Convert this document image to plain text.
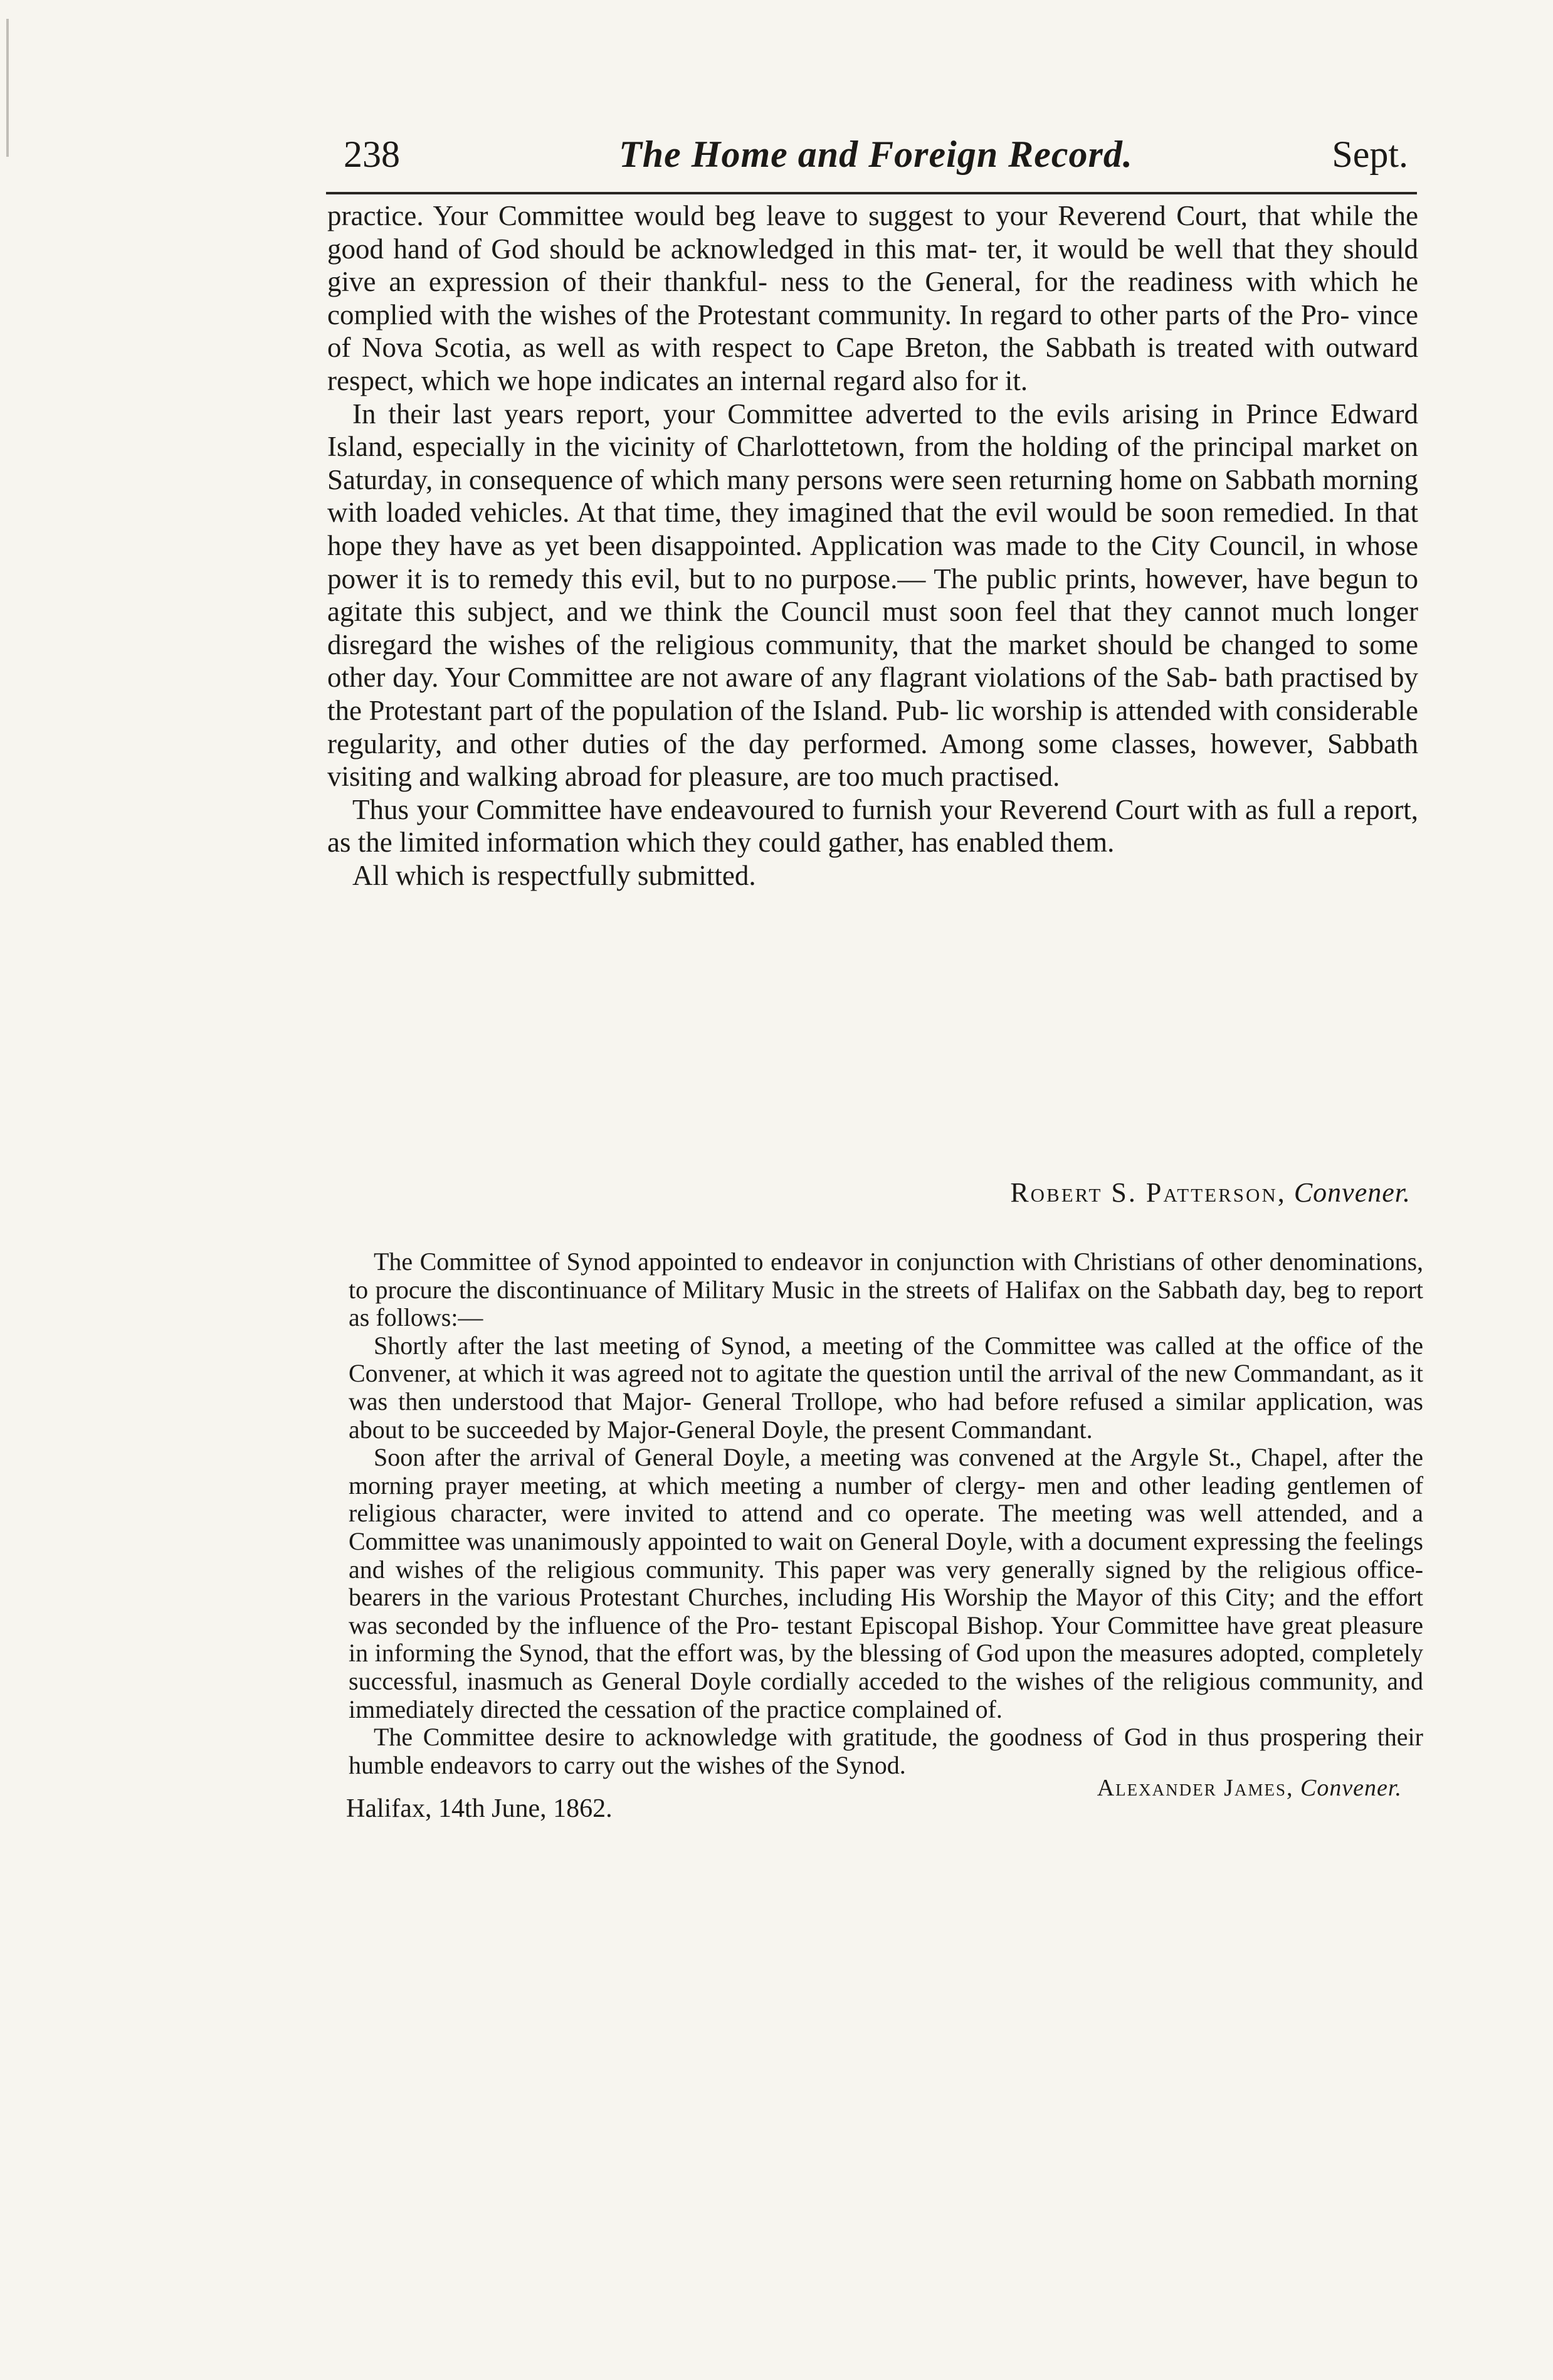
238	The Home and Foreign Record.	Sept.

practice. Your Committee would beg leave to suggest to your Reverend Court, that while the good hand of God should be acknowledged in this mat- ter, it would be well that they should give an expression of their thankful- ness to the General, for the readiness with which he complied with the wishes of the Protestant community. In regard to other parts of the Pro- vince of Nova Scotia, as well as with respect to Cape Breton, the Sabbath is treated with outward respect, which we hope indicates an internal regard also for it.

In their last years report, your Committee adverted to the evils arising in Prince Edward Island, especially in the vicinity of Charlottetown, from the holding of the principal market on Saturday, in consequence of which many persons were seen returning home on Sabbath morning with loaded vehicles. At that time, they imagined that the evil would be soon remedied. In that hope they have as yet been disappointed. Application was made to the City Council, in whose power it is to remedy this evil, but to no purpose.— The public prints, however, have begun to agitate this subject, and we think the Council must soon feel that they cannot much longer disregard the wishes of the religious community, that the market should be changed to some other day. Your Committee are not aware of any flagrant violations of the Sab- bath practised by the Protestant part of the population of the Island. Pub- lic worship is attended with considerable regularity, and other duties of the day performed. Among some classes, however, Sabbath visiting and walking abroad for pleasure, are too much practised.

Thus your Committee have endeavoured to furnish your Reverend Court with as full a report, as the limited information which they could gather, has enabled them.

All which is respectfully submitted.

Robert S. Patterson, Convener.

The Committee of Synod appointed to endeavor in conjunction with Christians of other denominations, to procure the discontinuance of Military Music in the streets of Halifax on the Sabbath day, beg to report as follows:—

Shortly after the last meeting of Synod, a meeting of the Committee was called at the office of the Convener, at which it was agreed not to agitate the question until the arrival of the new Commandant, as it was then understood that Major- General Trollope, who had before refused a similar application, was about to be succeeded by Major-General Doyle, the present Commandant.

Soon after the arrival of General Doyle, a meeting was convened at the Argyle St., Chapel, after the morning prayer meeting, at which meeting a number of clergy- men and other leading gentlemen of religious character, were invited to attend and co operate. The meeting was well attended, and a Committee was unanimously appointed to wait on General Doyle, with a document expressing the feelings and wishes of the religious community. This paper was very generally signed by the religious office-bearers in the various Protestant Churches, including His Worship the Mayor of this City; and the effort was seconded by the influence of the Pro- testant Episcopal Bishop. Your Committee have great pleasure in informing the Synod, that the effort was, by the blessing of God upon the measures adopted, completely successful, inasmuch as General Doyle cordially acceded to the wishes of the religious community, and immediately directed the cessation of the practice complained of.

The Committee desire to acknowledge with gratitude, the goodness of God in thus prospering their humble endeavors to carry out the wishes of the Synod.

Alexander James, Convener.
Halifax, 14th June, 1862.
